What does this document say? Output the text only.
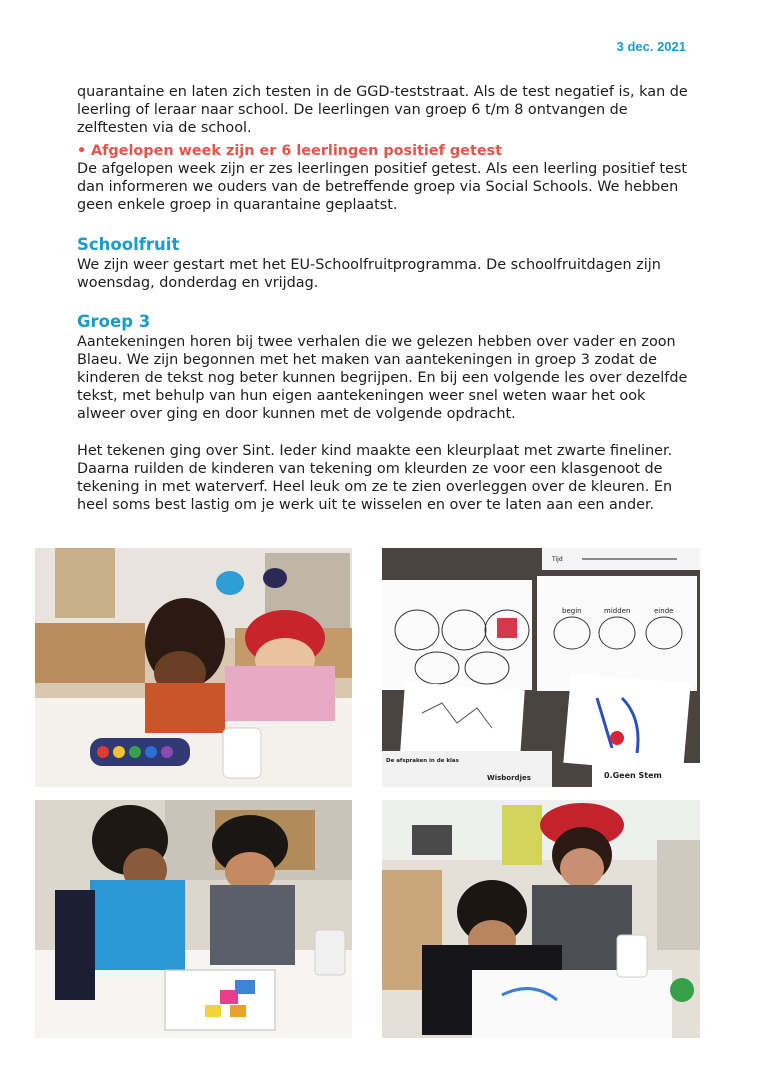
3 dec. 2021

quarantaine en laten zich testen in de GGD-teststraat. Als de test negatief is, kan de leerling of leraar naar school. De leerlingen van groep 6 t/m 8 ontvangen de zelftesten via de school.

• Afgelopen week zijn er 6 leerlingen positief getest

De afgelopen week zijn er zes leerlingen positief getest. Als een leerling positief test dan informeren we ouders van de betreffende groep via Social Schools. We hebben geen enkele groep in quarantaine geplaatst.

Schoolfruit

We zijn weer gestart met het EU-Schoolfruitprogramma. De schoolfruitdagen zijn woensdag, donderdag en vrijdag.

Groep 3

Aantekeningen horen bij twee verhalen die we gelezen hebben over vader en zoon Blaeu. We zijn begonnen met het maken van aantekeningen in groep 3 zodat de kinderen de tekst nog beter kunnen begrijpen. En bij een volgende les over dezelfde tekst, met behulp van hun eigen aantekeningen weer snel weten waar het ook alweer over ging en door kunnen met de volgende opdracht.

Het tekenen ging over Sint. Ieder kind maakte een kleurplaat met zwarte fineliner. Daarna ruilden de kinderen van tekening om kleurden ze voor een klasgenoot de tekening in met waterverf. Heel leuk om ze te zien overleggen over de kleuren. En heel soms best lastig om je werk uit te wisselen en over te laten aan een ander.

Tijd
begin	midden	einde
De afspraken in de klas
Wisbordjes	0.Geen Stem
